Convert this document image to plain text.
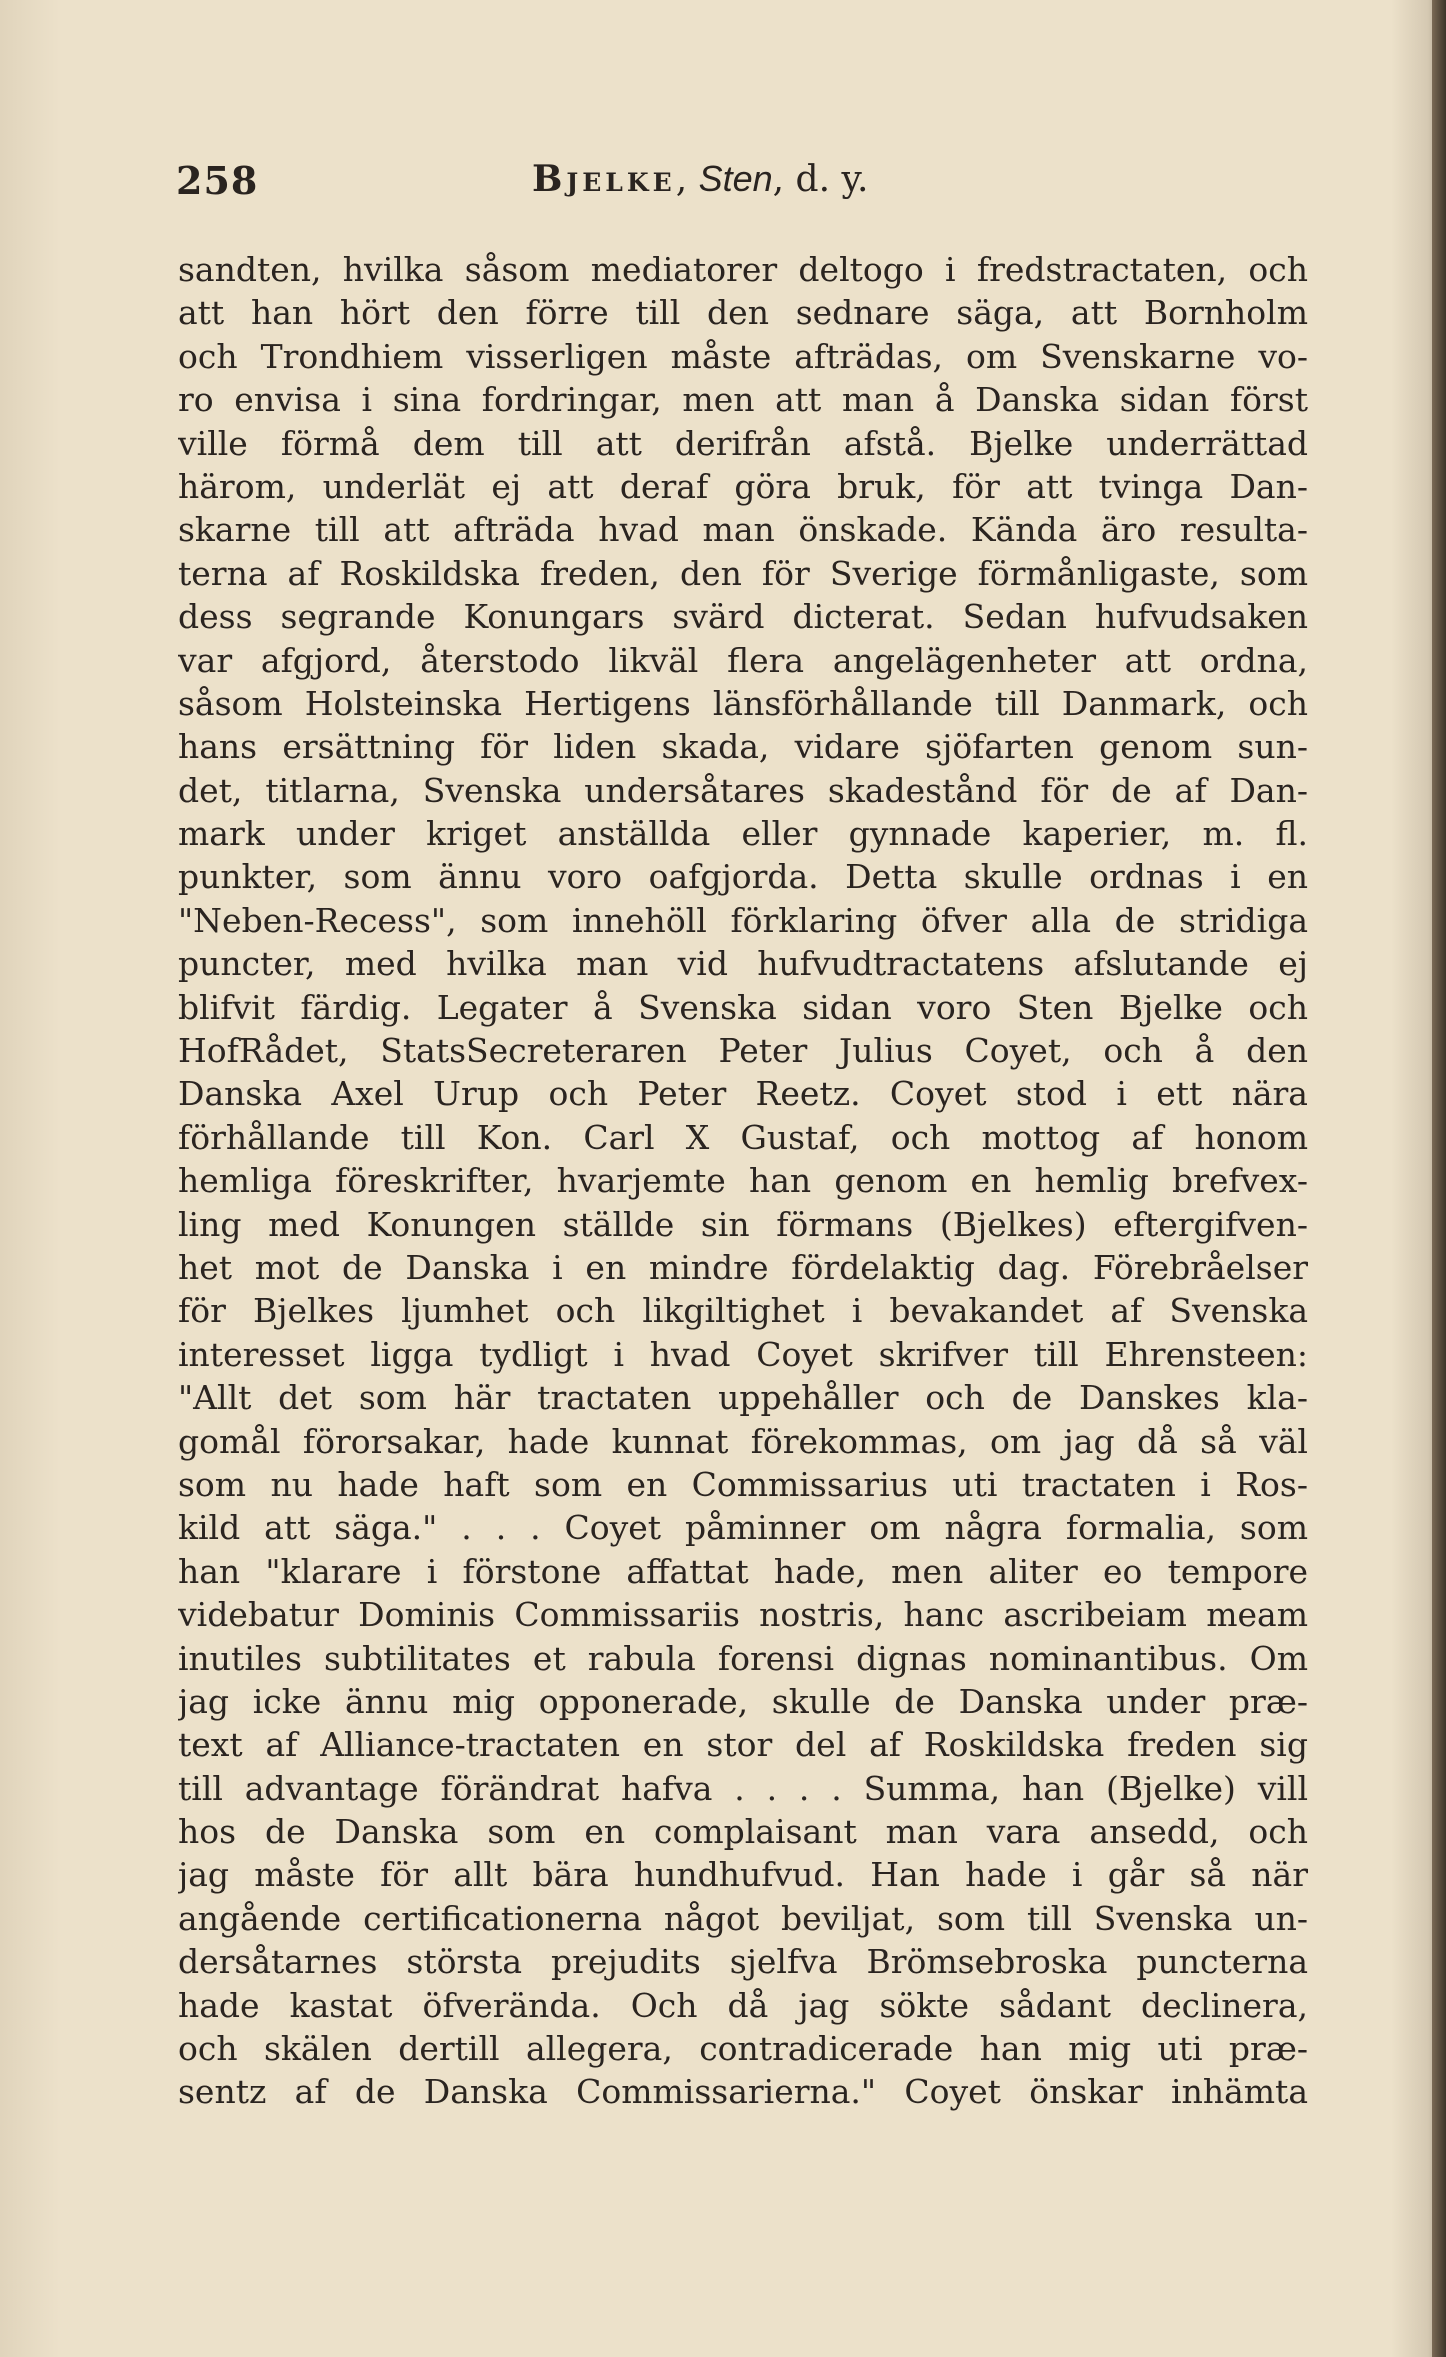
258	Bjelke, Sten, d. y.
sandten, hvilka såsom mediatorer deltogo i fredstractaten, och
att han hört den förre till den sednare säga, att Bornholm
och Trondhiem visserligen måste afträdas, om Svenskarne vo-
ro envisa i sina fordringar, men att man å Danska sidan först
ville förmå dem till att derifrån afstå. Bjelke underrättad
härom, underlät ej att deraf göra bruk, för att tvinga Dan-
skarne till att afträda hvad man önskade. Kända äro resulta-
terna af Roskildska freden, den för Sverige förmånligaste, som
dess segrande Konungars svärd dicterat. Sedan hufvudsaken
var afgjord, återstodo likväl flera angelägenheter att ordna,
såsom Holsteinska Hertigens länsförhållande till Danmark, och
hans ersättning för liden skada, vidare sjöfarten genom sun-
det, titlarna, Svenska undersåtares skadestånd för de af Dan-
mark under kriget anställda eller gynnade kaperier, m. fl.
punkter, som ännu voro oafgjorda. Detta skulle ordnas i en
"Neben-Recess", som innehöll förklaring öfver alla de stridiga
puncter, med hvilka man vid hufvudtractatens afslutande ej
blifvit färdig. Legater å Svenska sidan voro Sten Bjelke och
HofRådet, StatsSecreteraren Peter Julius Coyet, och å den
Danska Axel Urup och Peter Reetz. Coyet stod i ett nära
förhållande till Kon. Carl X Gustaf, och mottog af honom
hemliga föreskrifter, hvarjemte han genom en hemlig brefvex-
ling med Konungen ställde sin förmans (Bjelkes) eftergifven-
het mot de Danska i en mindre fördelaktig dag. Förebråelser
för Bjelkes ljumhet och likgiltighet i bevakandet af Svenska
interesset ligga tydligt i hvad Coyet skrifver till Ehrensteen:
"Allt det som här tractaten uppehåller och de Danskes kla-
gomål förorsakar, hade kunnat förekommas, om jag då så väl
som nu hade haft som en Commissarius uti tractaten i Ros-
kild att säga." . . . Coyet påminner om några formalia, som
han "klarare i förstone affattat hade, men aliter eo tempore
videbatur Dominis Commissariis nostris, hanc ascribeiam meam
inutiles subtilitates et rabula forensi dignas nominantibus. Om
jag icke ännu mig opponerade, skulle de Danska under præ-
text af Alliance-tractaten en stor del af Roskildska freden sig
till advantage förändrat hafva . . . . Summa, han (Bjelke) vill
hos de Danska som en complaisant man vara ansedd, och
jag måste för allt bära hundhufvud. Han hade i går så när
angående certificationerna något beviljat, som till Svenska un-
dersåtarnes största prejudits sjelfva Brömsebroska puncterna
hade kastat öfverända. Och då jag sökte sådant declinera,
och skälen dertill allegera, contradicerade han mig uti præ-
sentz af de Danska Commissarierna." Coyet önskar inhämta
